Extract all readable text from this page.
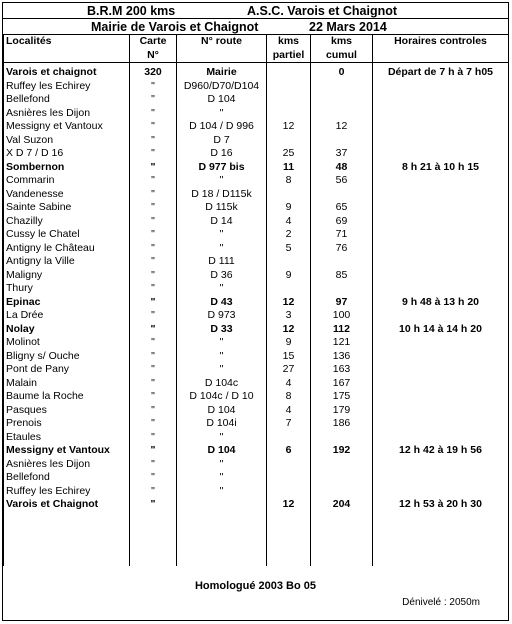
B.R.M 200 kms	A.S.C. Varois et Chaignot
Mairie de Varois et Chaignot	22 Mars 2014
Localités	Carte	N° route	kms	kms	Horaires controles
	N°		partiel	cumul	
Varois et chaignot	320	Mairie		0	Départ de 7 h à 7 h05
Ruffey les Echirey	"	D960/D70/D104			
Bellefond	"	D 104			
Asnières les Dijon	"	"			
Messigny et Vantoux	"	D 104 / D 996	12	12	
Val Suzon	"	D 7			
X D 7 / D 16	"	D 16	25	37	
Sombernon	"	D 977 bis	11	48	8 h 21 à 10 h 15
Commarin	"	"	8	56	
Vandenesse	"	D 18 / D115k			
Sainte Sabine	"	D 115k	9	65	
Chazilly	"	D 14	4	69	
Cussy le Chatel	"	"	2	71	
Antigny le Château	"	"	5	76	
Antigny la Ville	"	D 111			
Maligny	"	D 36	9	85	
Thury	"	"			
Epinac	"	D 43	12	97	9 h 48 à 13 h 20
La Drée	"	D 973	3	100	
Nolay	"	D 33	12	112	10 h 14 à 14 h 20
Molinot	"	"	9	121	
Bligny s/ Ouche	"	"	15	136	
Pont de Pany	"	"	27	163	
Malain	"	D 104c	4	167	
Baume la Roche	"	D 104c / D 10	8	175	
Pasques	"	D 104	4	179	
Prenois	"	D 104i	7	186	
Etaules	"	"			
Messigny et Vantoux	"	D 104	6	192	12 h 42 à 19 h 56
Asnières les Dijon	"	"			
Bellefond	"	"			
Ruffey les Echirey	"	"			
Varois et Chaignot	"		12	204	12 h 53 à 20 h 30

Homologué 2003 Bo 05
Dénivelé : 2050m
